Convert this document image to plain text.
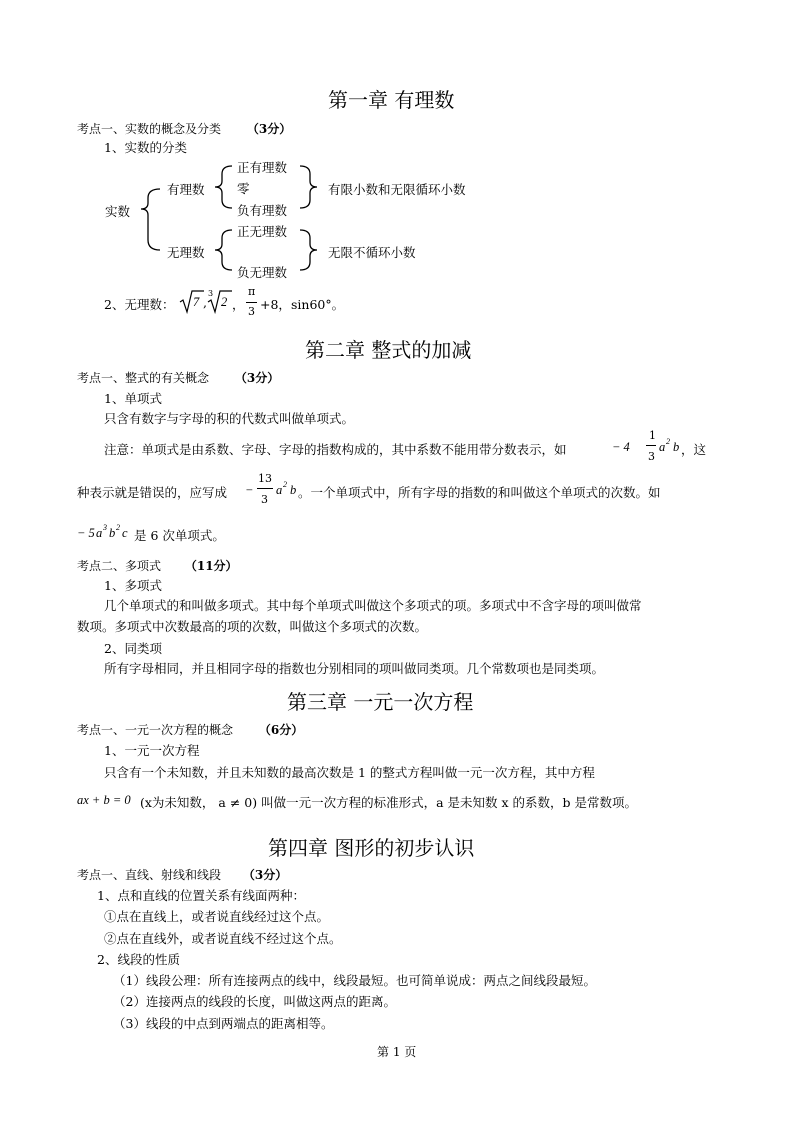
第一章 有理数
考点一、实数的概念及分类 （3分）
1、实数的分类
实数
有理数
正有理数
零
负有理数
有限小数和无限循环小数
无理数
正无理数
负无理数
无限不循环小数
2、无理数： 7 ,
3
2 ，
π
3 +8， sin60°。
第二章 整式的加减
考点一、整式的有关概念 （3分）
1、单项式
只含有数字与字母的积的代数式叫做单项式。
注意：单项式是由系数、字母、字母的指数构成的，其中系数不能用带分数表示，如	− 4
1
3
a 2 b ，这
种表示就是错误的，应写成 −
13
3
a 2 b 。一个单项式中，所有字母的指数的和叫做这个单项式的次数。如
− 5 a 3 b 2 c 是 6 次单项式。
考点二、多项式 （11分）
1、多项式
几个单项式的和叫做多项式。其中每个单项式叫做这个多项式的项。多项式中不含字母的项叫做常
数项。多项式中次数最高的项的次数，叫做这个多项式的次数。
2、同类项
所有字母相同，并且相同字母的指数也分别相同的项叫做同类项。几个常数项也是同类项。
第三章 一元一次方程
考点一、一元一次方程的概念 （6分）
1、一元一次方程
只含有一个未知数，并且未知数的最高次数是 1 的整式方程叫做一元一次方程，其中方程
ax + b = 0 (x为未知数， a ≠ 0) 叫做一元一次方程的标准形式，a 是未知数 x 的系数，b 是常数项。
第四章 图形的初步认识
考点一、直线、射线和线段 （3分）
1、点和直线的位置关系有线面两种：
①点在直线上，或者说直线经过这个点。
②点在直线外，或者说直线不经过这个点。
2、线段的性质
（1）线段公理：所有连接两点的线中，线段最短。也可简单说成：两点之间线段最短。
（2）连接两点的线段的长度，叫做这两点的距离。
（3）线段的中点到两端点的距离相等。
第 1 页
